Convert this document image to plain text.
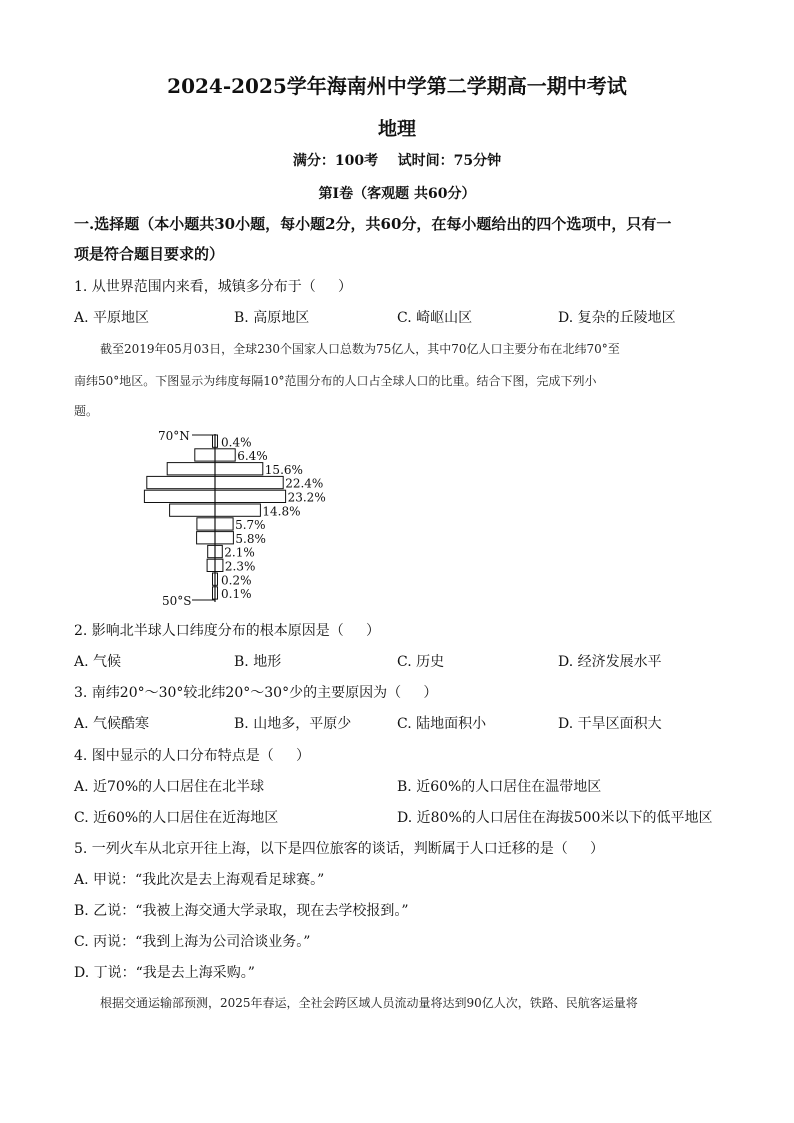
2024-2025学年海南州中学第二学期高一期中考试
地理
满分：100考    试时间：75分钟
第Ⅰ卷（客观题 共60分）
一.选择题（本小题共30小题，每小题2分，共60分，在每小题给出的四个选项中，只有一
项是符合题目要求的）
1. 从世界范围内来看，城镇多分布于（     ）
A. 平原地区	B. 高原地区	C. 崎岖山区	D. 复杂的丘陵地区
截至2019年05月03日，全球230个国家人口总数为75亿人，其中70亿人口主要分布在北纬70°至
南纬50°地区。下图显示为纬度每隔10°范围分布的人口占全球人口的比重。结合下图，完成下列小
题。
70°N
50°S
0.4%
6.4%
15.6%
22.4%
23.2%
14.8%
5.7%
5.8%
2.1%
2.3%
0.2%
0.1%
2. 影响北半球人口纬度分布的根本原因是（     ）
A. 气候	B. 地形	C. 历史	D. 经济发展水平
3. 南纬20°～30°较北纬20°～30°少的主要原因为（     ）
A. 气候酷寒	B. 山地多，平原少	C. 陆地面积小	D. 干旱区面积大
4. 图中显示的人口分布特点是（     ）
A. 近70%的人口居住在北半球	B. 近60%的人口居住在温带地区
C. 近60%的人口居住在近海地区	D. 近80%的人口居住在海拔500米以下的低平地区
5. 一列火车从北京开往上海，以下是四位旅客的谈话，判断属于人口迁移的是（     ）
A. 甲说：“我此次是去上海观看足球赛。”
B. 乙说：“我被上海交通大学录取，现在去学校报到。”
C. 丙说：“我到上海为公司洽谈业务。”
D. 丁说：“我是去上海采购。”
根据交通运输部预测，2025年春运，全社会跨区域人员流动量将达到90亿人次，铁路、民航客运量将
